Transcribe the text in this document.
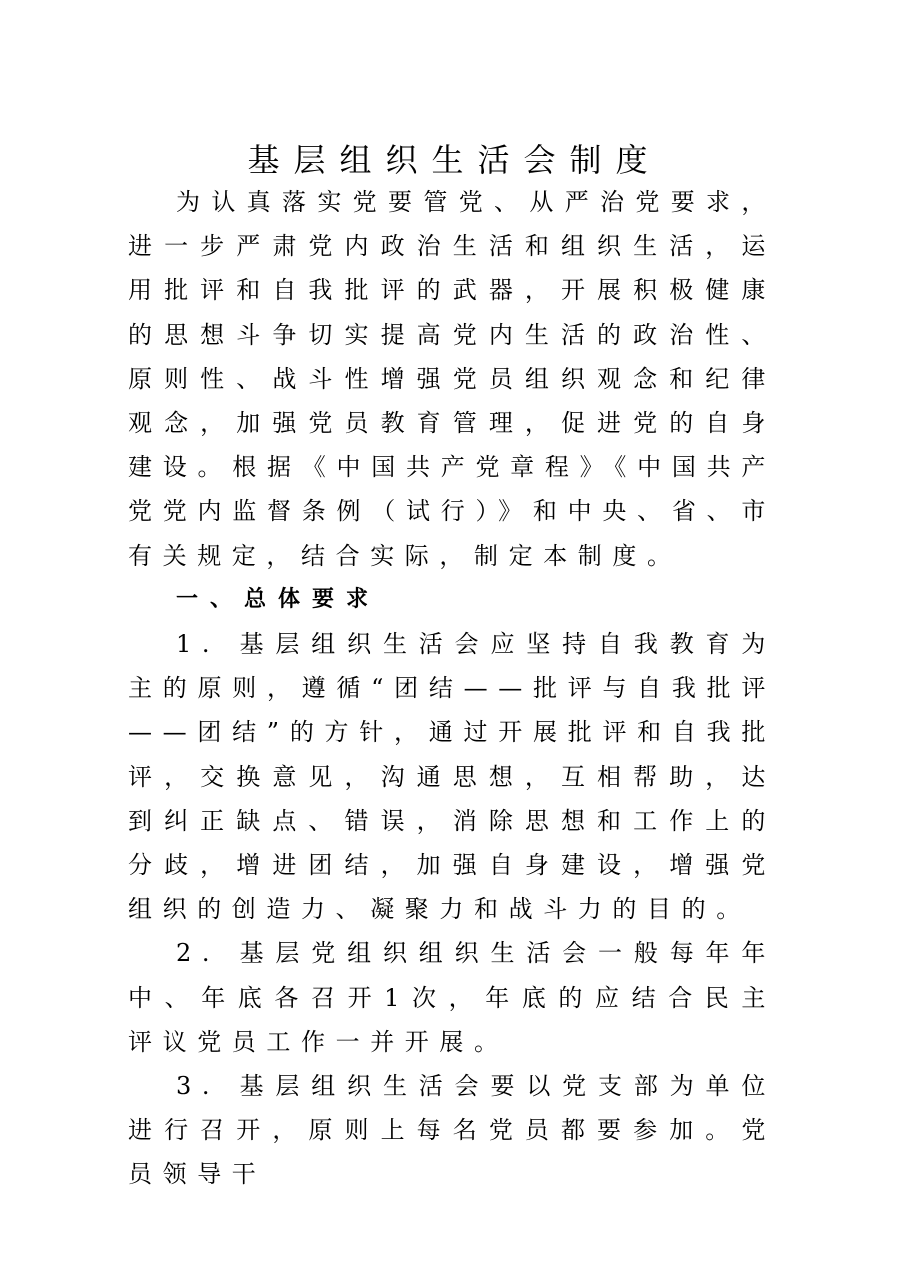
基层组织生活会制度

为认真落实党要管党、从严治党要求，进一步严肃党内政治生活和组织生活，运用批评和自我批评的武器，开展积极健康的思想斗争切实提高党内生活的政治性、原则性、战斗性增强党员组织观念和纪律观念，加强党员教育管理，促进党的自身建设。根据《中国共产党章程》《中国共产党党内监督条例（试行）》和中央、省、市有关规定，结合实际，制定本制度。

一、总体要求

1. 基层组织生活会应坚持自我教育为主的原则，遵循“团结——批评与自我批评——团结”的方针，通过开展批评和自我批评，交换意见，沟通思想，互相帮助，达到纠正缺点、错误，消除思想和工作上的分歧，增进团结，加强自身建设，增强党组织的创造力、凝聚力和战斗力的目的。

2. 基层党组织组织生活会一般每年年中、年底各召开1次，年底的应结合民主评议党员工作一并开展。

3. 基层组织生活会要以党支部为单位进行召开，原则上每名党员都要参加。党员领导干
